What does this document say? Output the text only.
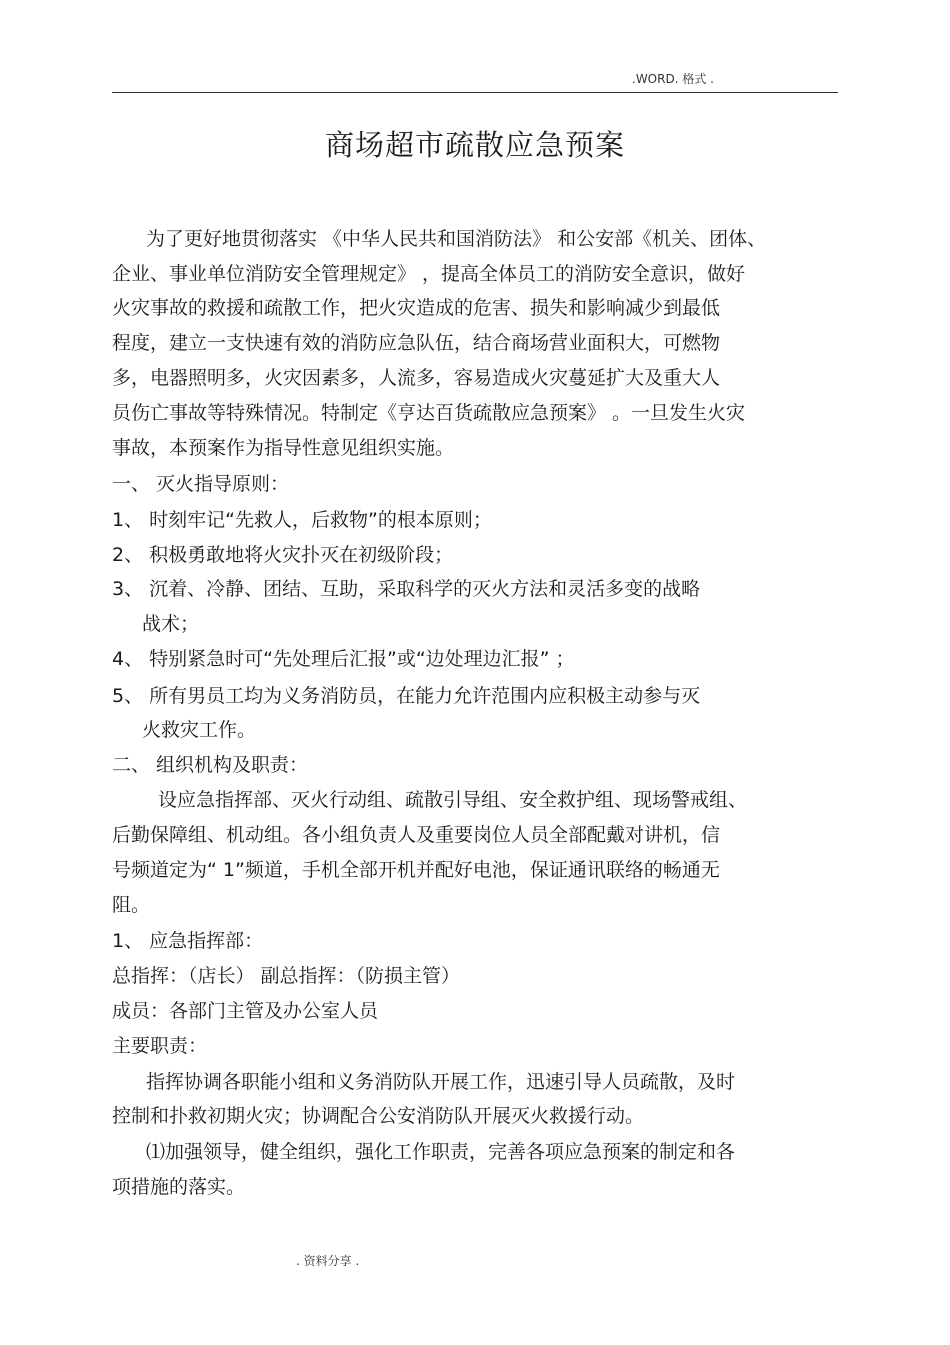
.WORD. 格式 .
商场超市疏散应急预案
为了更好地贯彻落实 《中华人民共和国消防法》 和公安部《机关、团体、
企业、事业单位消防安全管理规定》 ，提高全体员工的消防安全意识，做好
火灾事故的救援和疏散工作，把火灾造成的危害、损失和影响减少到最低
程度，建立一支快速有效的消防应急队伍，结合商场营业面积大，可燃物
多，电器照明多，火灾因素多，人流多，容易造成火灾蔓延扩大及重大人
员伤亡事故等特殊情况。特制定《亨达百货疏散应急预案》 。一旦发生火灾
事故，本预案作为指导性意见组织实施。
一、 灭火指导原则：
1、 时刻牢记“先救人，后救物”的根本原则；
2、 积极勇敢地将火灾扑灭在初级阶段；
3、 沉着、冷静、团结、互助，采取科学的灭火方法和灵活多变的战略
战术；
4、 特别紧急时可“先处理后汇报”或“边处理边汇报” ；
5、 所有男员工均为义务消防员，在能力允许范围内应积极主动参与灭
火救灾工作。
二、 组织机构及职责：
设应急指挥部、灭火行动组、疏散引导组、安全救护组、现场警戒组、
后勤保障组、机动组。各小组负责人及重要岗位人员全部配戴对讲机，信
号频道定为“ 1”频道，手机全部开机并配好电池，保证通讯联络的畅通无
阻。
1、 应急指挥部：
总指挥：（店长） 副总指挥：（防损主管）
成员：各部门主管及办公室人员
主要职责：
指挥协调各职能小组和义务消防队开展工作，迅速引导人员疏散，及时
控制和扑救初期火灾；协调配合公安消防队开展灭火救援行动。
⑴加强领导，健全组织，强化工作职责，完善各项应急预案的制定和各
项措施的落实。
. 资料分享 .
